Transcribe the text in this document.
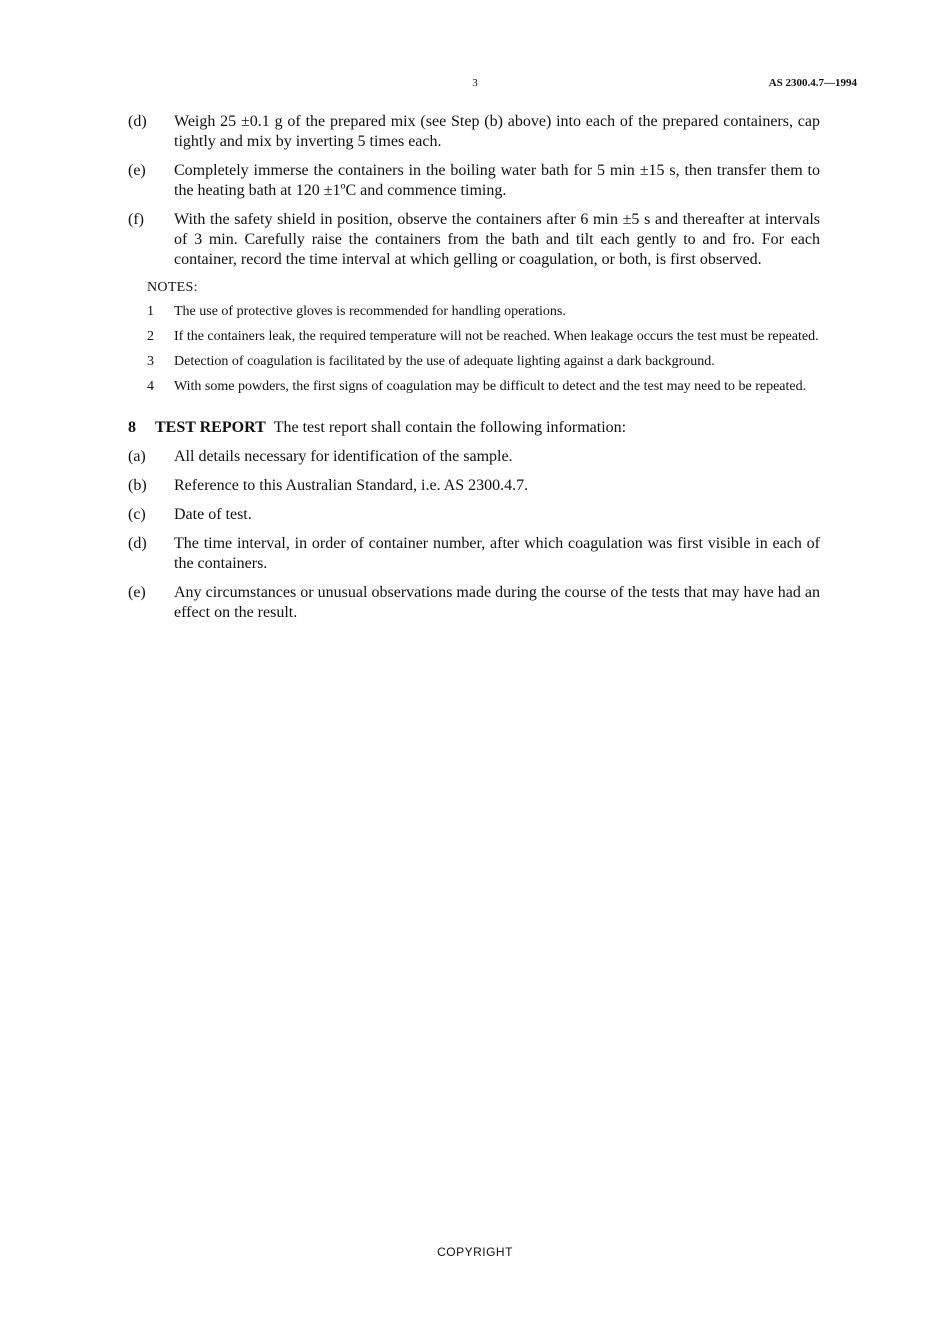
3	AS 2300.4.7—1994
(d)	Weigh 25 ±0.1 g of the prepared mix (see Step (b) above) into each of the prepared containers, cap tightly and mix by inverting 5 times each.
(e)	Completely immerse the containers in the boiling water bath for 5 min ±15 s, then transfer them to the heating bath at 120 ±1ºC and commence timing.
(f)	With the safety shield in position, observe the containers after 6 min ±5 s and thereafter at intervals of 3 min. Carefully raise the containers from the bath and tilt each gently to and fro. For each container, record the time interval at which gelling or coagulation, or both, is first observed.
NOTES:
1	The use of protective gloves is recommended for handling operations.
2	If the containers leak, the required temperature will not be reached. When leakage occurs the test must be repeated.
3	Detection of coagulation is facilitated by the use of adequate lighting against a dark background.
4	With some powders, the first signs of coagulation may be difficult to detect and the test may need to be repeated.
8 TEST REPORT The test report shall contain the following information:
(a)	All details necessary for identification of the sample.
(b)	Reference to this Australian Standard, i.e. AS 2300.4.7.
(c)	Date of test.
(d)	The time interval, in order of container number, after which coagulation was first visible in each of the containers.
(e)	Any circumstances or unusual observations made during the course of the tests that may have had an effect on the result.
COPYRIGHT
